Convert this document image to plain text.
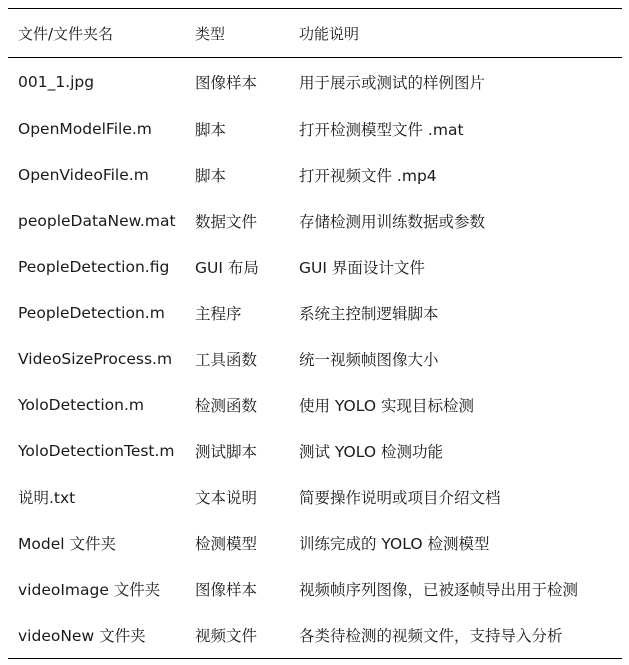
文件/文件夹名	类型	功能说明
001_1.jpg	图像样本	用于展示或测试的样例图片
OpenModelFile.m	脚本	打开检测模型文件 .mat
OpenVideoFile.m	脚本	打开视频文件 .mp4
peopleDataNew.mat	数据文件	存储检测用训练数据或参数
PeopleDetection.fig	GUI 布局	GUI 界面设计文件
PeopleDetection.m	主程序	系统主控制逻辑脚本
VideoSizeProcess.m	工具函数	统一视频帧图像大小
YoloDetection.m	检测函数	使用 YOLO 实现目标检测
YoloDetectionTest.m	测试脚本	测试 YOLO 检测功能
说明.txt	文本说明	简要操作说明或项目介绍文档
Model 文件夹	检测模型	训练完成的 YOLO 检测模型
videoImage 文件夹	图像样本	视频帧序列图像，已被逐帧导出用于检测
videoNew 文件夹	视频文件	各类待检测的视频文件，支持导入分析
